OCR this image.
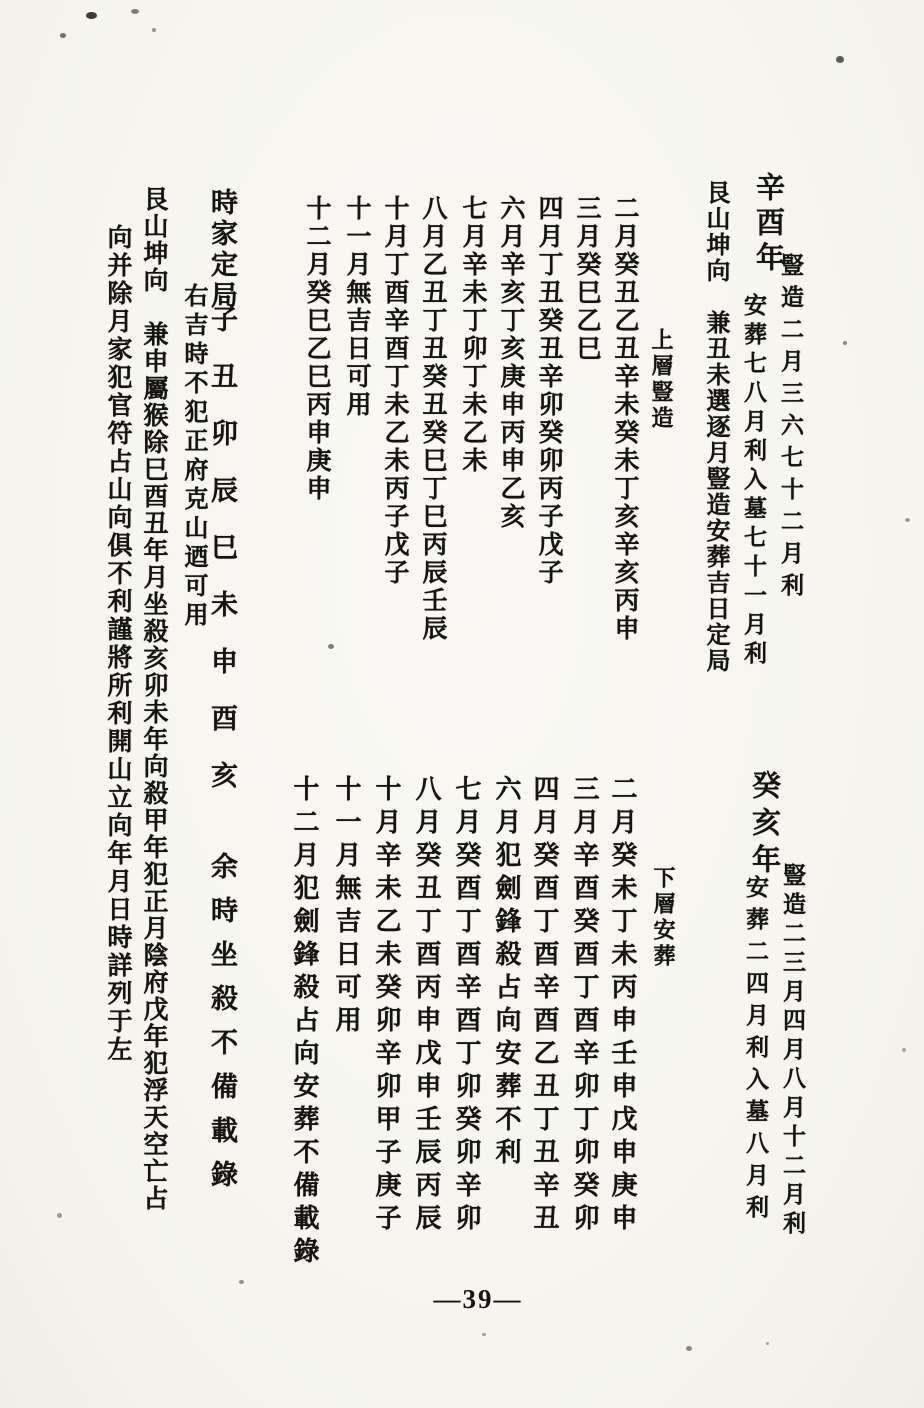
辛酉年
豎造二月三六七十二月利
安葬七八月利入墓七十一月利
艮山坤向　兼丑未選逐月豎造安葬吉日定局
上層豎造
二月癸丑乙丑辛未癸未丁亥辛亥丙申
三月癸巳乙巳
四月丁丑癸丑辛卯癸卯丙子戊子
六月辛亥丁亥庚申丙申乙亥
七月辛未丁卯丁未乙未
八月乙丑丁丑癸丑癸巳丁巳丙辰壬辰
十月丁酉辛酉丁未乙未丙子戊子
十一月無吉日可用
十二月癸巳乙巳丙申庚申
時家定局
子丑卯辰巳未申酉亥
余時坐殺不備載錄
右吉時不犯正府克山迺可用
艮山坤向　兼申屬猴除巳酉丑年月坐殺亥卯未年向殺甲年犯正月陰府戊年犯浮天空亡占
向并除月家犯官符占山向俱不利謹將所利開山立向年月日時詳列于左	癸亥年
豎造二三月四月八月十二月利
安葬二四月利入墓八月利
下層安葬
二月癸未丁未丙申壬申戊申庚申
三月辛酉癸酉丁酉辛卯丁卯癸卯
四月癸酉丁酉辛酉乙丑丁丑辛丑
六月犯劍鋒殺占向安葬不利
七月癸酉丁酉辛酉丁卯癸卯辛卯
八月癸丑丁酉丙申戊申壬辰丙辰
十月辛未乙未癸卯辛卯甲子庚子
十一月無吉日可用
十二月犯劍鋒殺占向安葬不備載錄
—39—
